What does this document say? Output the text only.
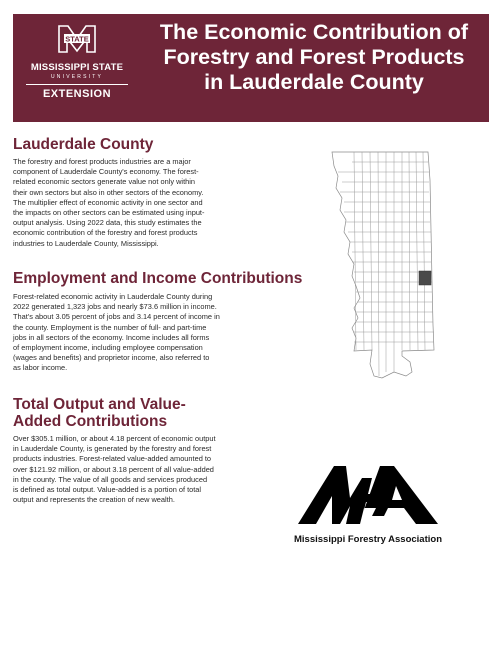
STATE
MISSISSIPPI STATE
UNIVERSITY
EXTENSION
The Economic Contribution of
Forestry and Forest Products
in Lauderdale County
Lauderdale County
The forestry and forest products industries are a major
component of Lauderdale County's economy. The forest-
related economic sectors generate value not only within
their own sectors but also in other sectors of the economy.
The multiplier effect of economic activity in one sector and
the impacts on other sectors can be estimated using input-
output analysis. Using 2022 data, this study estimates the
economic contribution of the forestry and forest products
industries to Lauderdale County, Mississippi.
Employment and Income Contributions
Forest-related economic activity in Lauderdale County during
2022 generated 1,323 jobs and nearly $73.6 million in income.
That's about 3.05 percent of jobs and 3.14 percent of income in
the county. Employment is the number of full- and part-time
jobs in all sectors of the economy. Income includes all forms
of employment income, including employee compensation
(wages and benefits) and proprietor income, also referred to
as labor income.
Total Output and Value-
Added Contributions
Over $305.1 million, or about 4.18 percent of economic output
in Lauderdale County, is generated by the forestry and forest
products industries. Forest-related value-added amounted to
over $121.92 million, or about 3.18 percent of all value-added
in the county. The value of all goods and services produced
is defined as total output. Value-added is a portion of total
output and represents the creation of new wealth.
Mississippi Forestry Association
